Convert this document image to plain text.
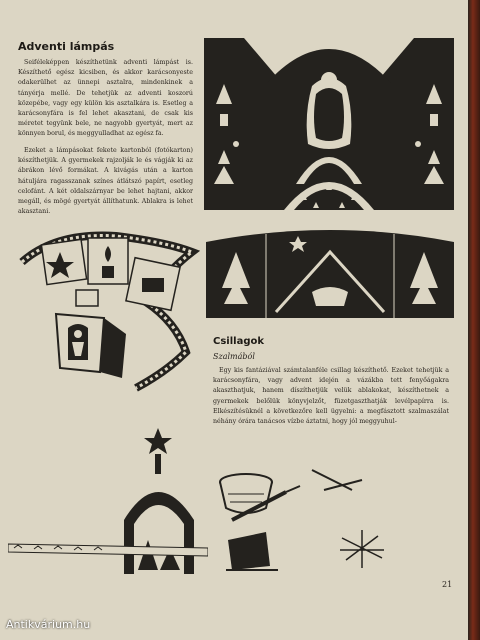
Adventi lámpás

Seiféleképpen készíthetünk adventi lámpást is. Készíthető egész kicsiben, és akkor karácsonyeste odakerülhet az ünnepi asztalra, mindenkinek a tányérja mellé. De tehetjük az adventi koszorú közepébe, vagy egy külön kis asztalkára is. Esetleg a karácsonyfára is fel lehet akasztani, de csak kis méretet tegyünk bele, ne nagyobb gyertyát, mert az könnyen borul, és meggyulladhat az egész fa.

Ezeket a lámpásokat fekete kartonból (fotókarton) készíthetjük. A gyermekek rajzolják le és vágják ki az ábrákon lévő formákat. A kivágás után a karton hátuljára ragasszanak színes átlátszó papírt, esetleg celofánt. A két oldalszárnyar be lehet hajtani, akkor megáll, és mögé gyertyát állíthatunk. Ablakra is lehet akasztani.

Csillagok
Szalmából

Egy kis fantáziával számtalanféle csillag készíthető. Ezeket tehetjük a karácsonyfára, vagy advent idején a vázákba tett fenyőágakra akaszthatjuk, hanem díszíthetjük velük ablakokat, készíthetnek a gyermekek belőlük könyvjelzőt, füzetgaszthatják levélpapírra is. Elkészítésüknél a következőre kell ügyelni: a megfásztott szalmaszálat néhány órára tanácsos vízbe áztatni, hogy jól meggyuhul-

21
Antikvárium.hu
